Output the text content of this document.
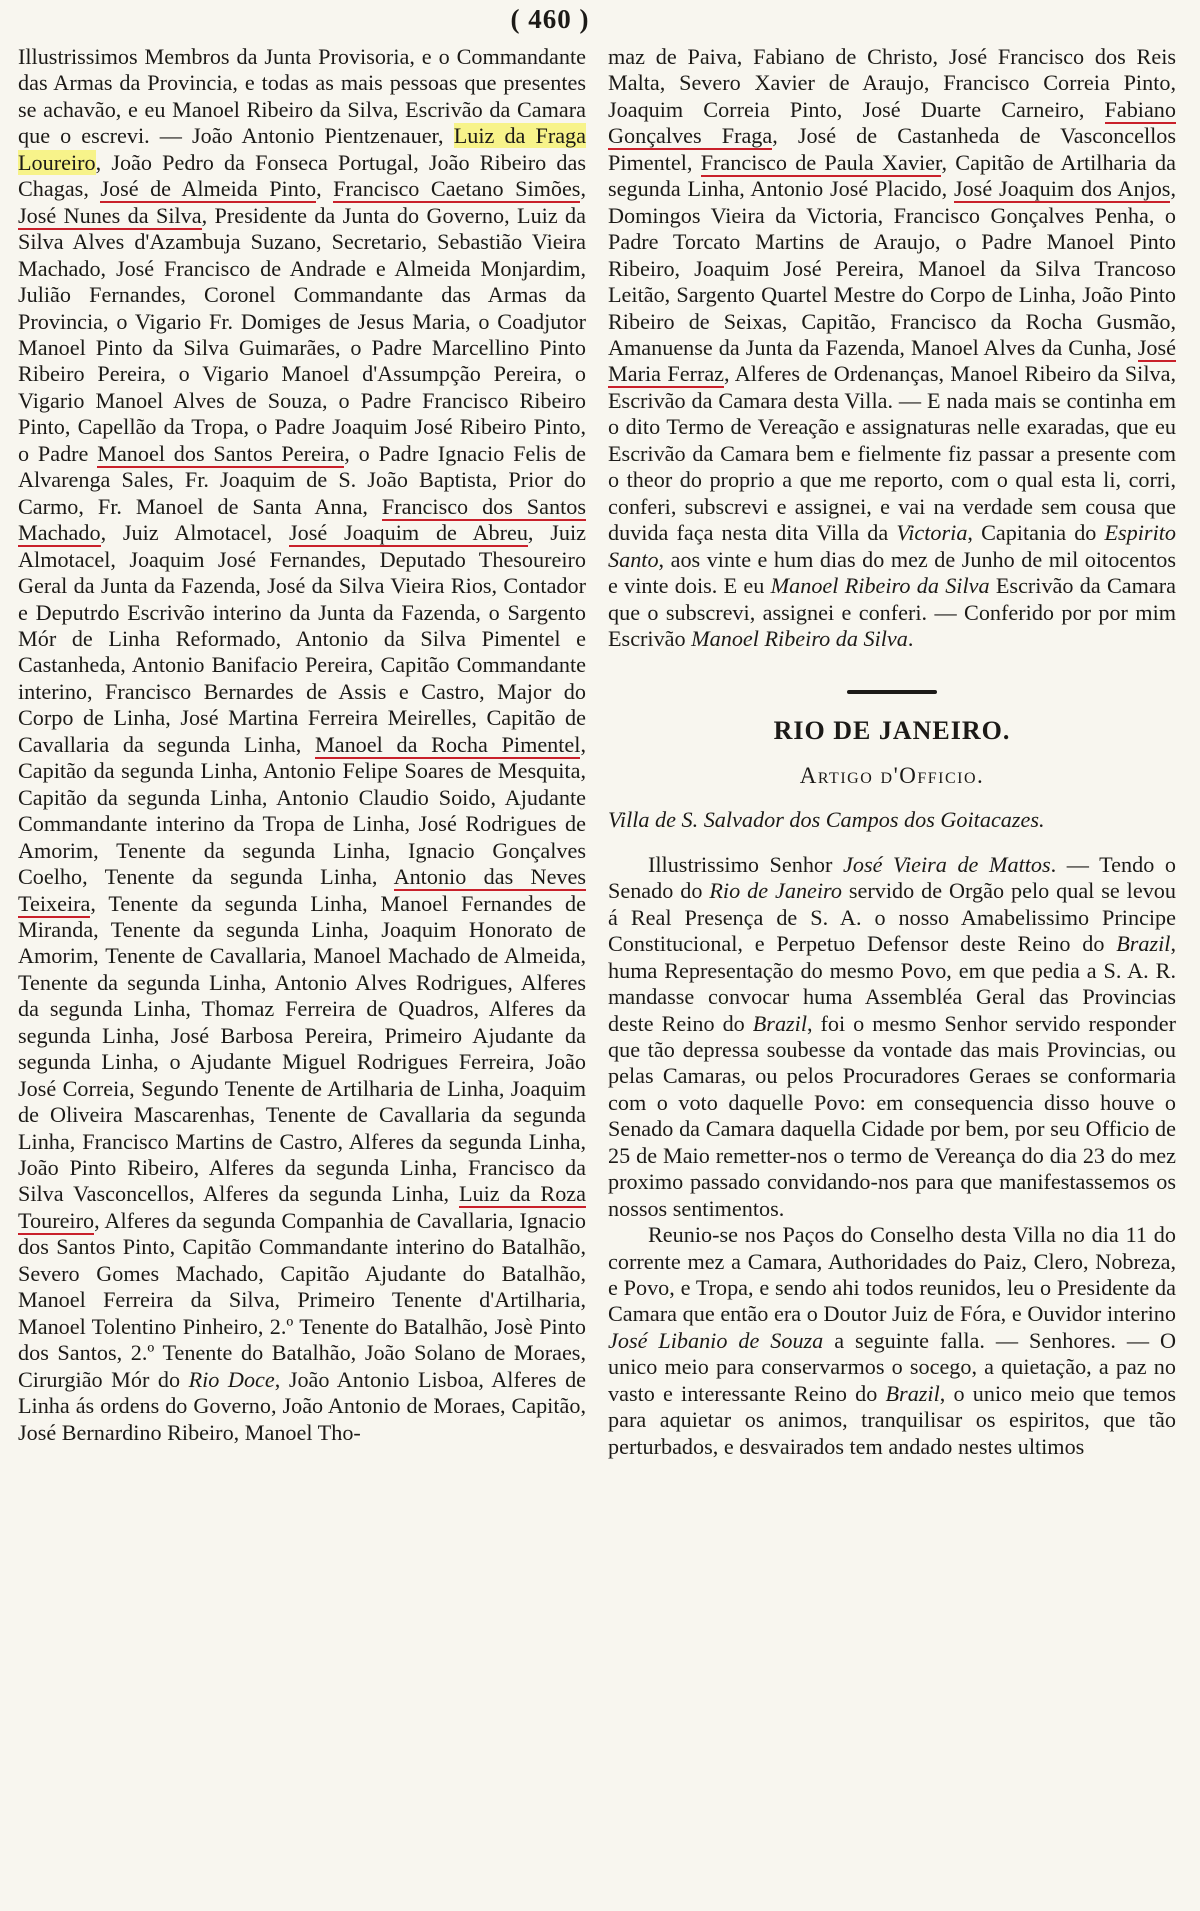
( 460 )

Illustrissimos Membros da Junta Provisoria, e o Commandante das Armas da Provincia, e todas as mais pessoas que presentes se achavão, e eu Manoel Ribeiro da Silva, Escrivão da Camara que o escrevi. — João Antonio Pientzenauer, Luiz da Fraga Loureiro, João Pedro da Fonseca Portugal, João Ribeiro das Chagas, José de Almeida Pinto, Francisco Caetano Simões, José Nunes da Silva, Presidente da Junta do Governo, Luiz da Silva Alves d'Azambuja Suzano, Secretario, Sebastião Vieira Machado, José Francisco de Andrade e Almeida Monjardim, Julião Fernandes, Coronel Commandante das Armas da Provincia, o Vigario Fr. Domiges de Jesus Maria, o Coadjutor Manoel Pinto da Silva Guimarães, o Padre Marcellino Pinto Ribeiro Pereira, o Vigario Manoel d'Assumpção Pereira, o Vigario Manoel Alves de Souza, o Padre Francisco Ribeiro Pinto, Capellão da Tropa, o Padre Joaquim José Ribeiro Pinto, o Padre Manoel dos Santos Pereira, o Padre Ignacio Felis de Alvarenga Sales, Fr. Joaquim de S. João Baptista, Prior do Carmo, Fr. Manoel de Santa Anna, Francisco dos Santos Machado, Juiz Almotacel, José Joaquim de Abreu, Juiz Almotacel, Joaquim José Fernandes, Deputado Thesoureiro Geral da Junta da Fazenda, José da Silva Vieira Rios, Contador e Deputrdo Escrivão interino da Junta da Fazenda, o Sargento Mór de Linha Reformado, Antonio da Silva Pimentel e Castanheda, Antonio Banifacio Pereira, Capitão Commandante interino, Francisco Bernardes de Assis e Castro, Major do Corpo de Linha, José Martina Ferreira Meirelles, Capitão de Cavallaria da segunda Linha, Manoel da Rocha Pimentel, Capitão da segunda Linha, Antonio Felipe Soares de Mesquita, Capitão da segunda Linha, Antonio Claudio Soido, Ajudante Commandante interino da Tropa de Linha, José Rodrigues de Amorim, Tenente da segunda Linha, Ignacio Gonçalves Coelho, Tenente da segunda Linha, Antonio das Neves Teixeira, Tenente da segunda Linha, Manoel Fernandes de Miranda, Tenente da segunda Linha, Joaquim Honorato de Amorim, Tenente de Cavallaria, Manoel Machado de Almeida, Tenente da segunda Linha, Antonio Alves Rodrigues, Alferes da segunda Linha, Thomaz Ferreira de Quadros, Alferes da segunda Linha, José Barbosa Pereira, Primeiro Ajudante da segunda Linha, o Ajudante Miguel Rodrigues Ferreira, João José Correia, Segundo Tenente de Artilharia de Linha, Joaquim de Oliveira Mascarenhas, Tenente de Cavallaria da segunda Linha, Francisco Martins de Castro, Alferes da segunda Linha, João Pinto Ribeiro, Alferes da segunda Linha, Francisco da Silva Vasconcellos, Alferes da segunda Linha, Luiz da Roza Toureiro, Alferes da segunda Companhia de Cavallaria, Ignacio dos Santos Pinto, Capitão Commandante interino do Batalhão, Severo Gomes Machado, Capitão Ajudante do Batalhão, Manoel Ferreira da Silva, Primeiro Tenente d'Artilharia, Manoel Tolentino Pinheiro, 2.º Tenente do Batalhão, Josè Pinto dos Santos, 2.º Tenente do Batalhão, João Solano de Moraes, Cirurgião Mór do Rio Doce, João Antonio Lisboa, Alferes de Linha ás ordens do Governo, João Antonio de Moraes, Capitão, José Bernardino Ribeiro, Manoel Tho-

maz de Paiva, Fabiano de Christo, José Francisco dos Reis Malta, Severo Xavier de Araujo, Francisco Correia Pinto, Joaquim Correia Pinto, José Duarte Carneiro, Fabiano Gonçalves Fraga, José de Castanheda de Vasconcellos Pimentel, Francisco de Paula Xavier, Capitão de Artilharia da segunda Linha, Antonio José Placido, José Joaquim dos Anjos, Domingos Vieira da Victoria, Francisco Gonçalves Penha, o Padre Torcato Martins de Araujo, o Padre Manoel Pinto Ribeiro, Joaquim José Pereira, Manoel da Silva Trancoso Leitão, Sargento Quartel Mestre do Corpo de Linha, João Pinto Ribeiro de Seixas, Capitão, Francisco da Rocha Gusmão, Amanuense da Junta da Fazenda, Manoel Alves da Cunha, José Maria Ferraz, Alferes de Ordenanças, Manoel Ribeiro da Silva, Escrivão da Camara desta Villa. — E nada mais se continha em o dito Termo de Vereação e assignaturas nelle exaradas, que eu Escrivão da Camara bem e fielmente fiz passar a presente com o theor do proprio a que me reporto, com o qual esta li, corri, conferi, subscrevi e assignei, e vai na verdade sem cousa que duvida faça nesta dita Villa da Victoria, Capitania do Espirito Santo, aos vinte e hum dias do mez de Junho de mil oitocentos e vinte dois. E eu Manoel Ribeiro da Silva Escrivão da Camara que o subscrevi, assignei e conferi. — Conferido por por mim Escrivão Manoel Ribeiro da Silva.

RIO DE JANEIRO.

Artigo d'Officio.

Villa de S. Salvador dos Campos dos Goitacazes.

Illustrissimo Senhor José Vieira de Mattos. — Tendo o Senado do Rio de Janeiro servido de Orgão pelo qual se levou á Real Presença de S. A. o nosso Amabelissimo Principe Constitucional, e Perpetuo Defensor deste Reino do Brazil, huma Representação do mesmo Povo, em que pedia a S. A. R. mandasse convocar huma Assembléa Geral das Provincias deste Reino do Brazil, foi o mesmo Senhor servido responder que tão depressa soubesse da vontade das mais Provincias, ou pelas Camaras, ou pelos Procuradores Geraes se conformaria com o voto daquelle Povo: em consequencia disso houve o Senado da Camara daquella Cidade por bem, por seu Officio de 25 de Maio remetter-nos o termo de Vereança do dia 23 do mez proximo passado convidando-nos para que manifestassemos os nossos sentimentos.

Reunio-se nos Paços do Conselho desta Villa no dia 11 do corrente mez a Camara, Authoridades do Paiz, Clero, Nobreza, e Povo, e Tropa, e sendo ahi todos reunidos, leu o Presidente da Camara que então era o Doutor Juiz de Fóra, e Ouvidor interino José Libanio de Souza a seguinte falla. — Senhores. — O unico meio para conservarmos o socego, a quietação, a paz no vasto e interessante Reino do Brazil, o unico meio que temos para aquietar os animos, tranquilisar os espiritos, que tão perturbados, e desvairados tem andado nestes ultimos
